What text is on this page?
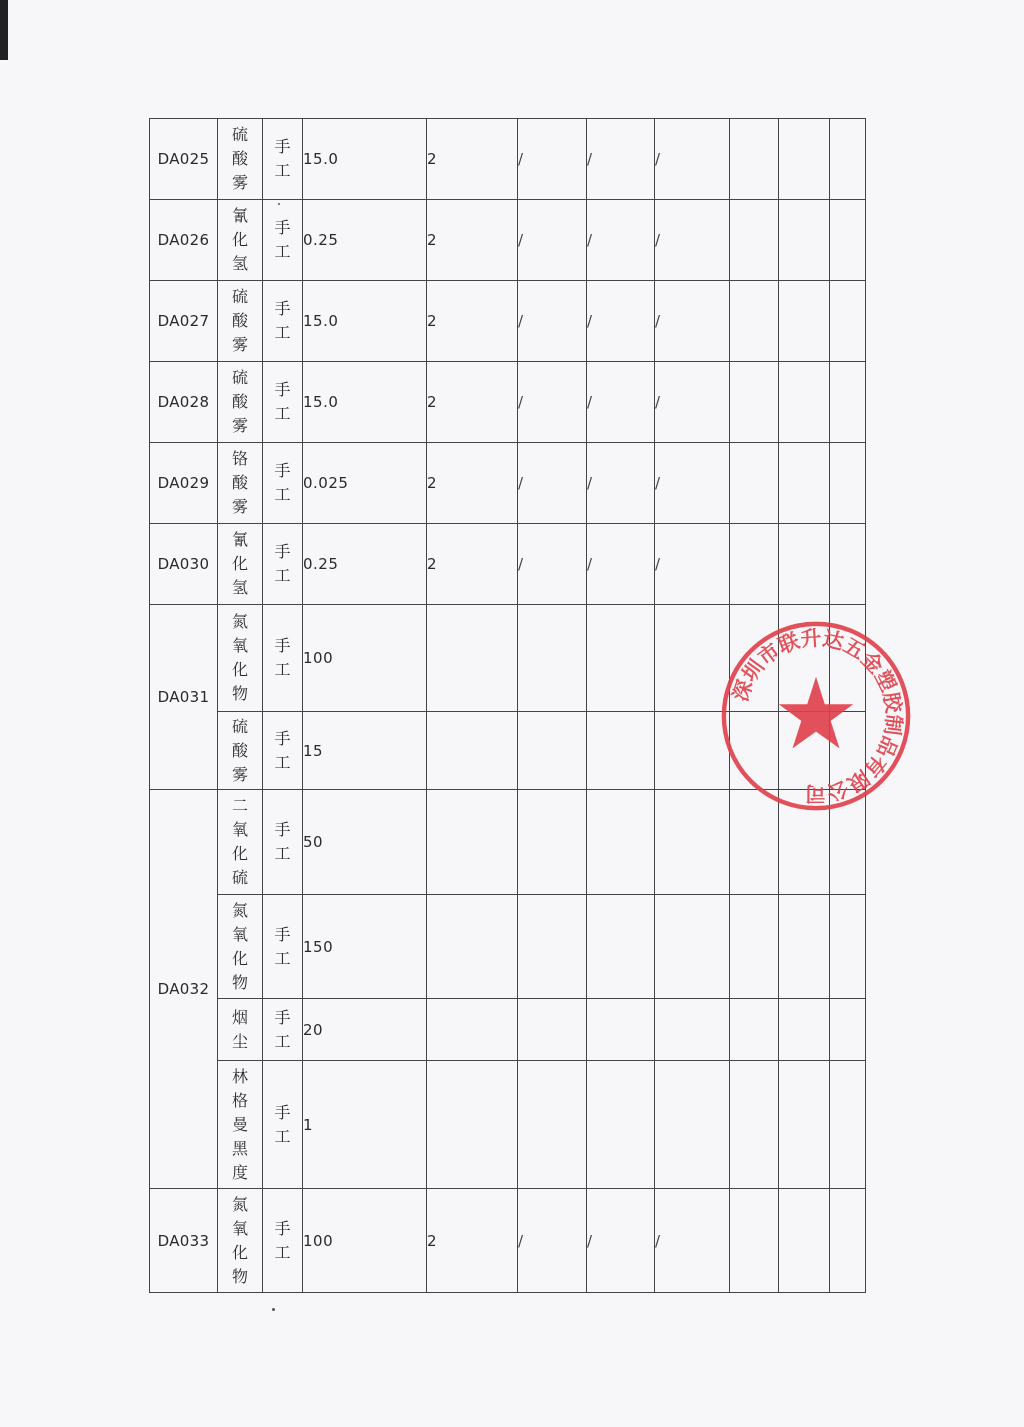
DA025	硫酸雾	手工	15.0	2	/	/	/			
DA026	氰化氢	手工	0.25	2	/	/	/			
DA027	硫酸雾	手工	15.0	2	/	/	/			
DA028	硫酸雾	手工	15.0	2	/	/	/			
DA029	铬酸雾	手工	0.025	2	/	/	/			
DA030	氰化氢	手工	0.25	2	/	/	/			
DA031	氮氧化物	手工	100							
	硫酸雾	手工	15							
DA032	二氧化硫	手工	50							
	氮氧化物	手工	150							
	烟尘	手工	20							
	林格曼黑度	手工	1							
DA033	氮氧化物	手工	100	2	/	/	/			
深圳市联升达五金塑胶制品有限公司
